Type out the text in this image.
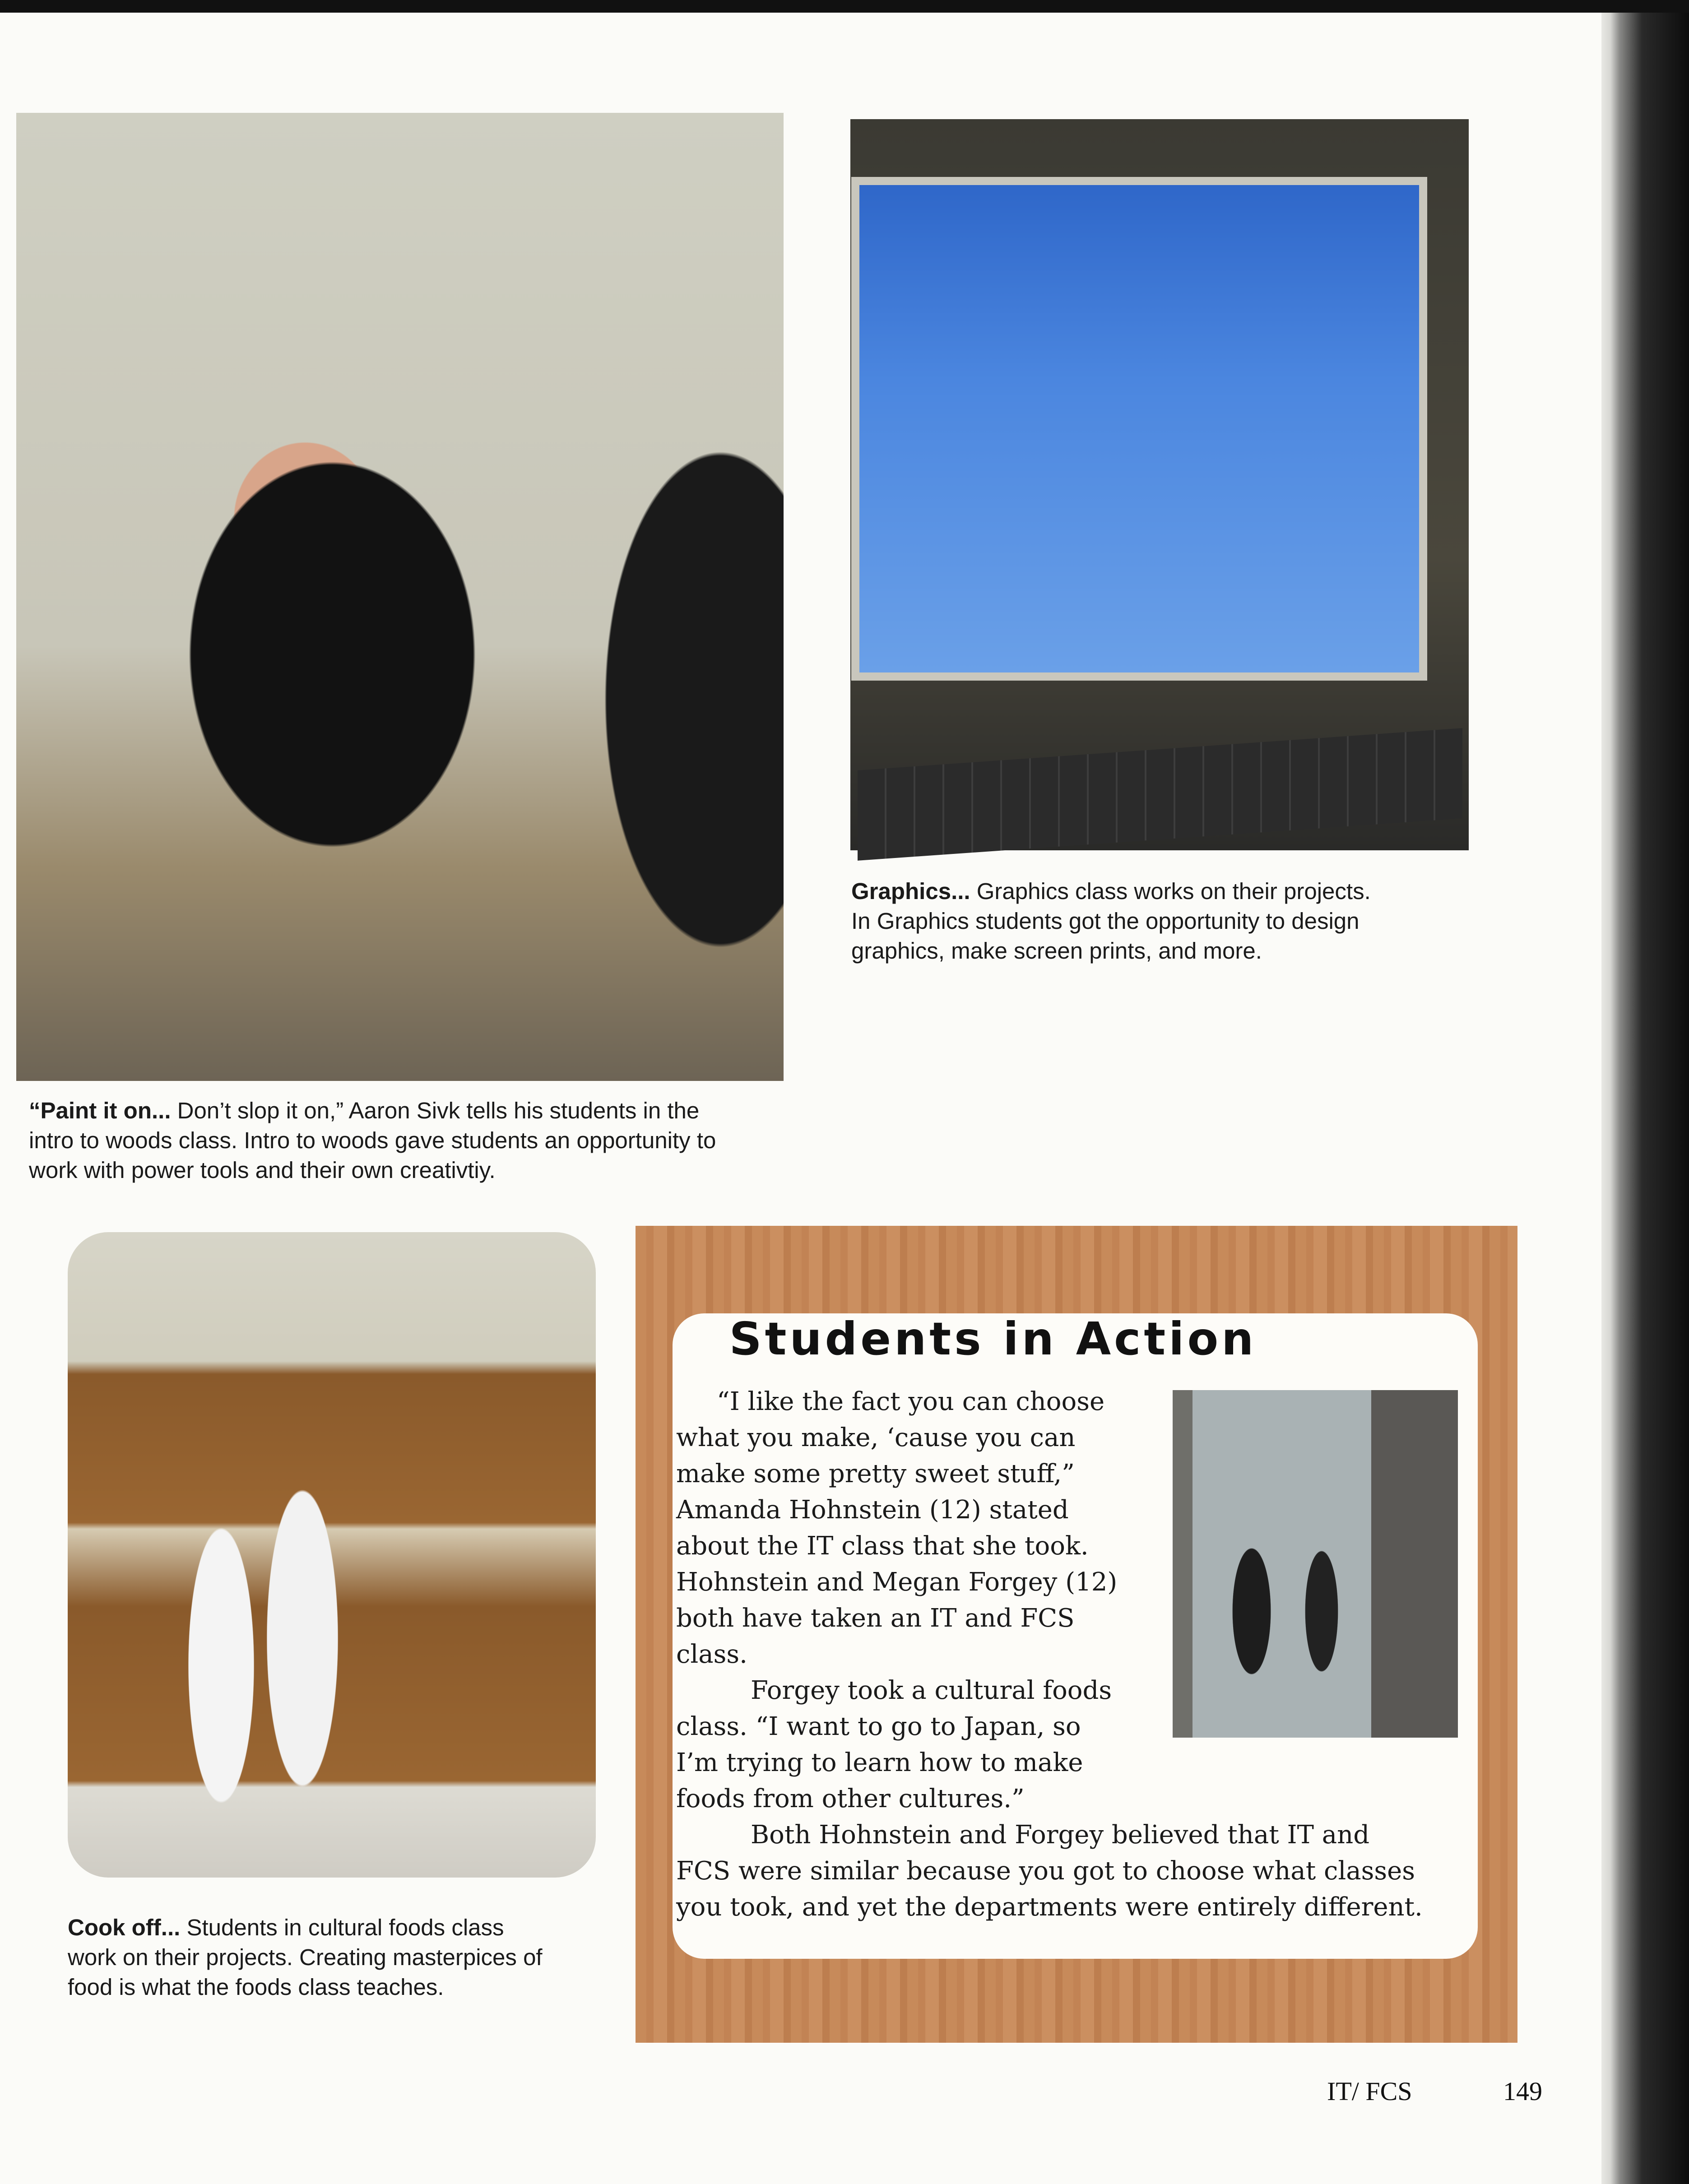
“Paint it on... Don’t slop it on,” Aaron Sivk tells his students in the
intro to woods class. Intro to woods gave students an opportunity to
work with power tools and their own creativtiy.
Graphics... Graphics class works on their projects.
In Graphics students got the opportunity to design
graphics, make screen prints, and more.
Cook off... Students in cultural foods class
work on their projects. Creating masterpices of
food is what the foods class teaches.
Students in Action
“I like the fact you can choose
what you make, ‘cause you can
make some pretty sweet stuff,”
Amanda Hohnstein (12) stated
about the IT class that she took.
Hohnstein and Megan Forgey (12)
both have taken an IT and FCS
class.
Forgey took a cultural foods
class. “I want to go to Japan, so
I’m trying to learn how to make
foods from other cultures.”
Both Hohnstein and Forgey believed that IT and
FCS were similar because you got to choose what classes
you took, and yet the departments were entirely different.
IT/ FCS	149
